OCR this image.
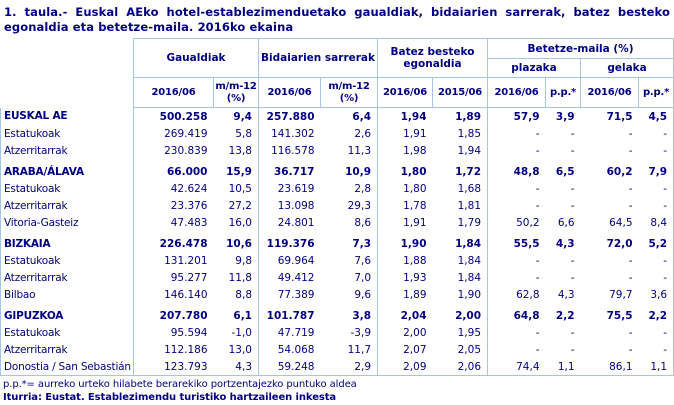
1. taula.- Euskal AEko hotel-establezimenduetako gaualdiak, bidaiarien sarrerak, batez besteko egonaldia eta betetze-maila. 2016ko ekaina
	Gaualdiak		Bidaiarien sarrerak		Batez besteko egonaldia		Betetze-maila (%)			
							plazaka		gelaka	
	2016/06	m/m-12 (%)	2016/06	m/m-12 (%)	2016/06	2015/06	2016/06	p.p.*	2016/06	p.p.*
EUSKAL AE	500.258	9,4	257.880	6,4	1,94	1,89	57,9	3,9	71,5	4,5
Estatukoak	269.419	5,8	141.302	2,6	1,91	1,85	-	-	-	-
Atzerritarrak	230.839	13,8	116.578	11,3	1,98	1,94	-	-	-	-
ARABA/ÁLAVA	66.000	15,9	36.717	10,9	1,80	1,72	48,8	6,5	60,2	7,9
Estatukoak	42.624	10,5	23.619	2,8	1,80	1,68	-	-	-	-
Atzerritarrak	23.376	27,2	13.098	29,3	1,78	1,81	-	-	-	-
Vitoria-Gasteiz	47.483	16,0	24.801	8,6	1,91	1,79	50,2	6,6	64,5	8,4
BIZKAIA	226.478	10,6	119.376	7,3	1,90	1,84	55,5	4,3	72,0	5,2
Estatukoak	131.201	9,8	69.964	7,6	1,88	1,84	-	-	-	-
Atzerritarrak	95.277	11,8	49.412	7,0	1,93	1,84	-	-	-	-
Bilbao	146.140	8,8	77.389	9,6	1,89	1,90	62,8	4,3	79,7	3,6
GIPUZKOA	207.780	6,1	101.787	3,8	2,04	2,00	64,8	2,2	75,5	2,2
Estatukoak	95.594	-1,0	47.719	-3,9	2,00	1,95	-	-	-	-
Atzerritarrak	112.186	13,0	54.068	11,7	2,07	2,05	-	-	-	-
Donostia / San Sebastián	123.793	4,3	59.248	2,9	2,09	2,06	74,4	1,1	86,1	1,1
p.p.*= aurreko urteko hilabete berarekiko portzentajezko puntuko aldea
Iturria: Eustat. Establezimendu turistiko hartzaileen inkesta
